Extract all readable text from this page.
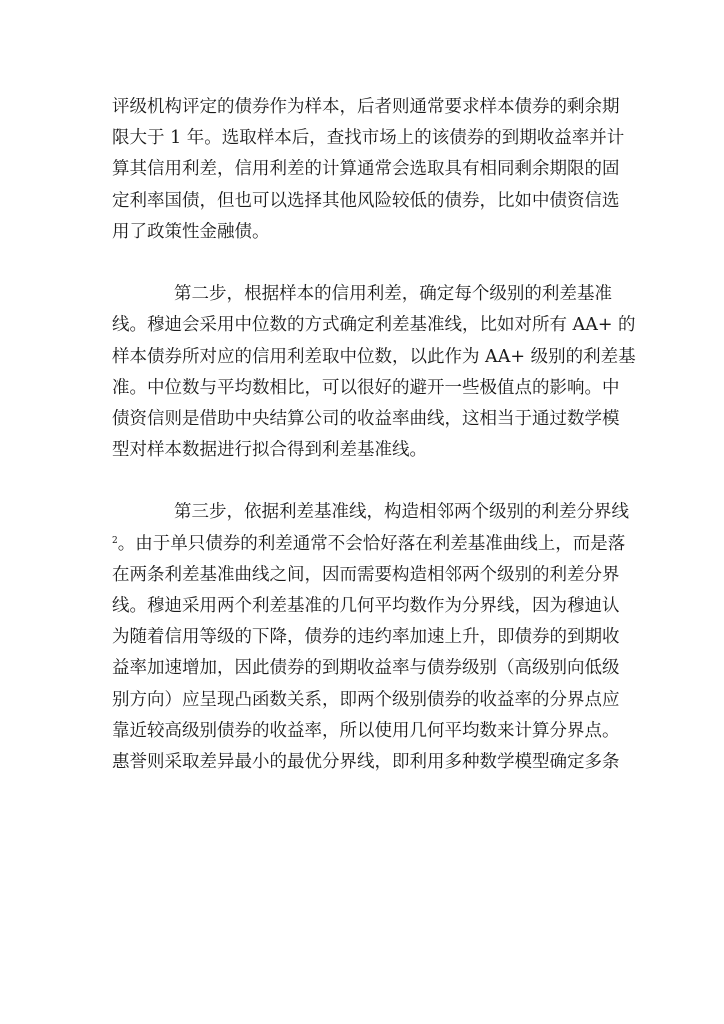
评级机构评定的债券作为样本，后者则通常要求样本债券的剩余期
限大于 1 年。选取样本后，查找市场上的该债券的到期收益率并计
算其信用利差，信用利差的计算通常会选取具有相同剩余期限的固
定利率国债，但也可以选择其他风险较低的债券，比如中债资信选
用了政策性金融债。
第二步，根据样本的信用利差，确定每个级别的利差基准
线。穆迪会采用中位数的方式确定利差基准线，比如对所有 AA+ 的
样本债券所对应的信用利差取中位数，以此作为 AA+ 级别的利差基
准。中位数与平均数相比，可以很好的避开一些极值点的影响。中
债资信则是借助中央结算公司的收益率曲线，这相当于通过数学模
型对样本数据进行拟合得到利差基准线。
第三步，依据利差基准线，构造相邻两个级别的利差分界线
$^2$。由于单只债券的利差通常不会恰好落在利差基准曲线上，而是落
在两条利差基准曲线之间，因而需要构造相邻两个级别的利差分界
线。穆迪采用两个利差基准的几何平均数作为分界线，因为穆迪认
为随着信用等级的下降，债券的违约率加速上升，即债券的到期收
益率加速增加，因此债券的到期收益率与债券级别（高级别向低级
别方向）应呈现凸函数关系，即两个级别债券的收益率的分界点应
靠近较高级别债券的收益率，所以使用几何平均数来计算分界点。
惠誉则采取差异最小的最优分界线，即利用多种数学模型确定多条
